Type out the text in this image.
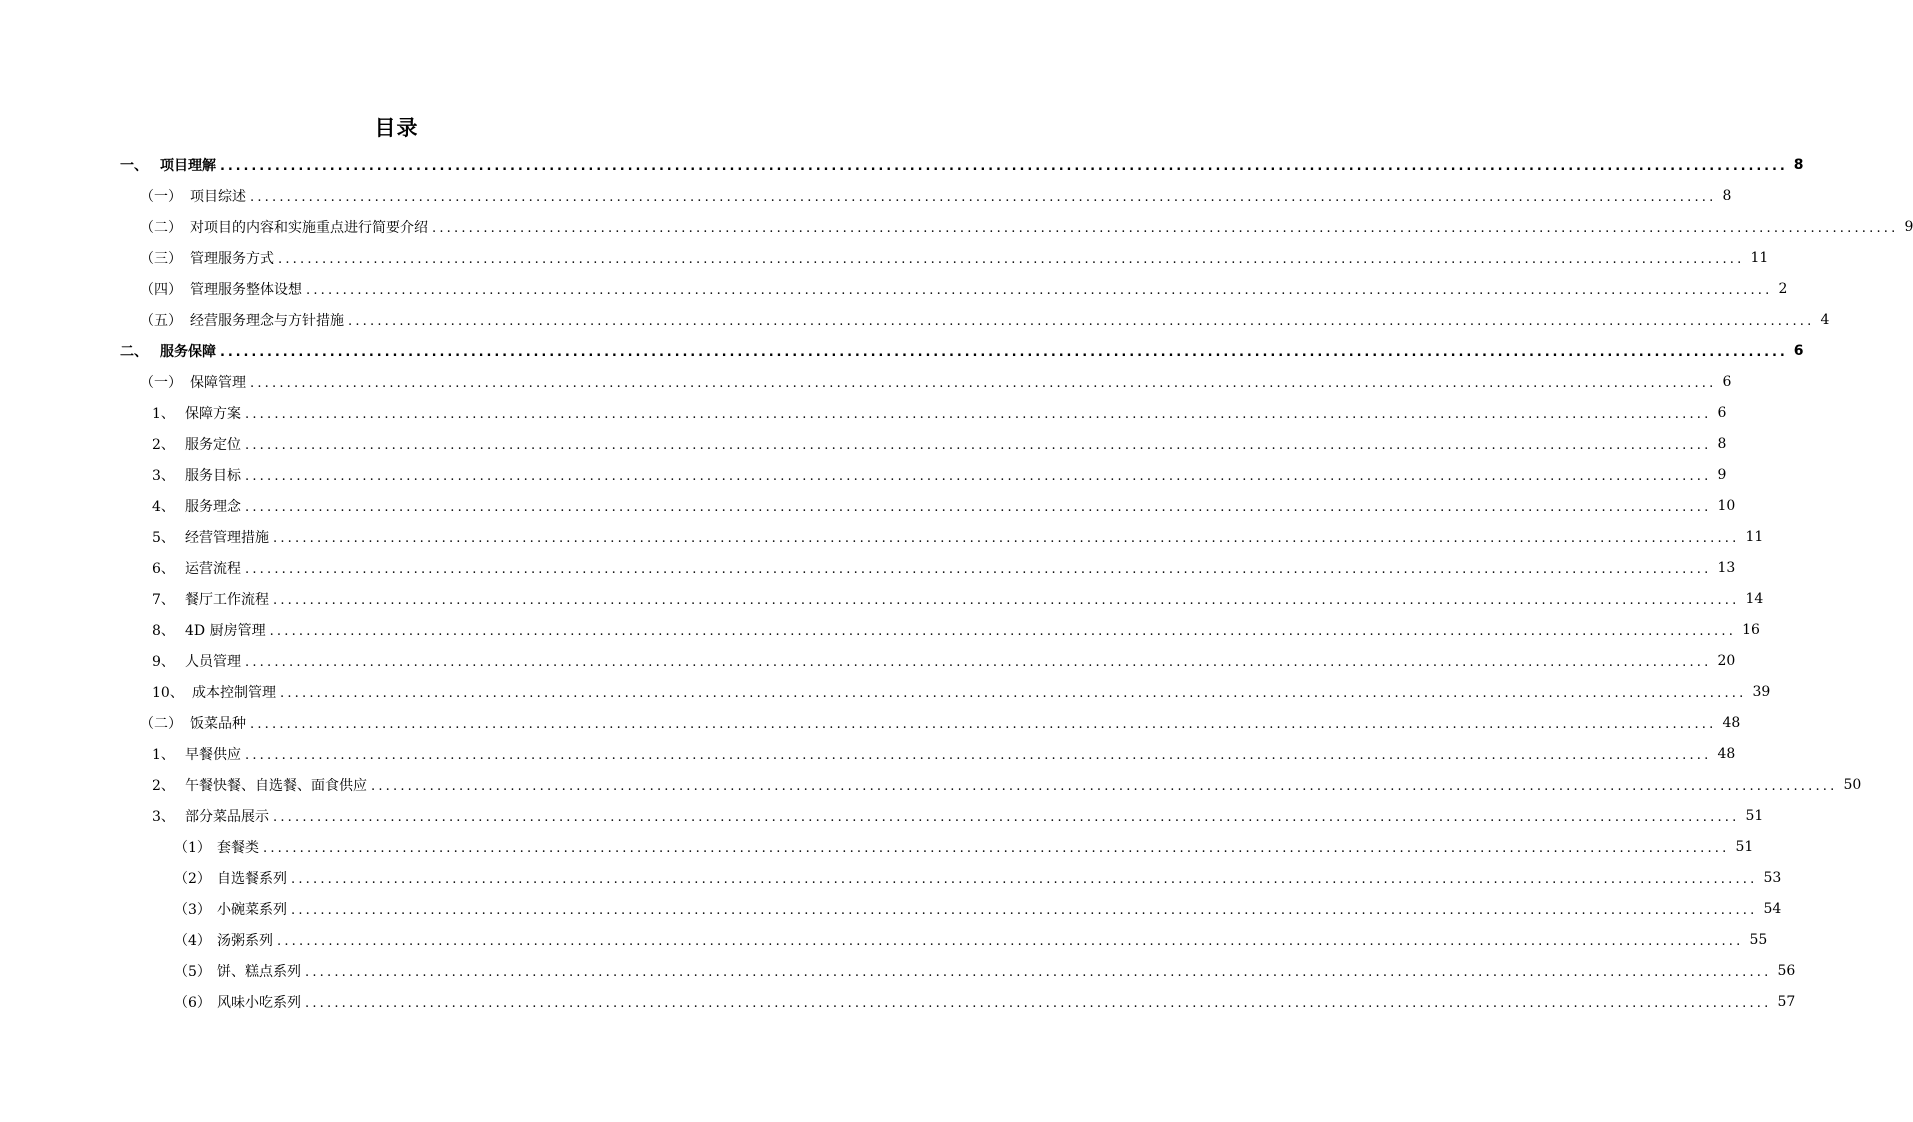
目录
一、 项目理解 ........................................................................................................................................................................................................ 8
（一） 项目综述 ........................................................................................................................................................................................................ 8
（二） 对项目的内容和实施重点进行简要介绍 ........................................................................................................................................................................................................ 9
（三） 管理服务方式 ........................................................................................................................................................................................................ 11
（四） 管理服务整体设想 ........................................................................................................................................................................................................ 2
（五） 经营服务理念与方针措施 ........................................................................................................................................................................................................ 4
二、 服务保障 ........................................................................................................................................................................................................ 6
（一） 保障管理 ........................................................................................................................................................................................................ 6
1、 保障方案 ........................................................................................................................................................................................................ 6
2、 服务定位 ........................................................................................................................................................................................................ 8
3、 服务目标 ........................................................................................................................................................................................................ 9
4、 服务理念 ........................................................................................................................................................................................................ 10
5、 经营管理措施 ........................................................................................................................................................................................................ 11
6、 运营流程 ........................................................................................................................................................................................................ 13
7、 餐厅工作流程 ........................................................................................................................................................................................................ 14
8、 4D 厨房管理 ........................................................................................................................................................................................................ 16
9、 人员管理 ........................................................................................................................................................................................................ 20
10、 成本控制管理 ........................................................................................................................................................................................................ 39
（二） 饭菜品种 ........................................................................................................................................................................................................ 48
1、 早餐供应 ........................................................................................................................................................................................................ 48
2、 午餐快餐、自选餐、面食供应 ........................................................................................................................................................................................................ 50
3、 部分菜品展示 ........................................................................................................................................................................................................ 51
（1） 套餐类 ........................................................................................................................................................................................................ 51
（2） 自选餐系列 ........................................................................................................................................................................................................ 53
（3） 小碗菜系列 ........................................................................................................................................................................................................ 54
（4） 汤粥系列 ........................................................................................................................................................................................................ 55
（5） 饼、糕点系列 ........................................................................................................................................................................................................ 56
（6） 风味小吃系列 ........................................................................................................................................................................................................ 57
